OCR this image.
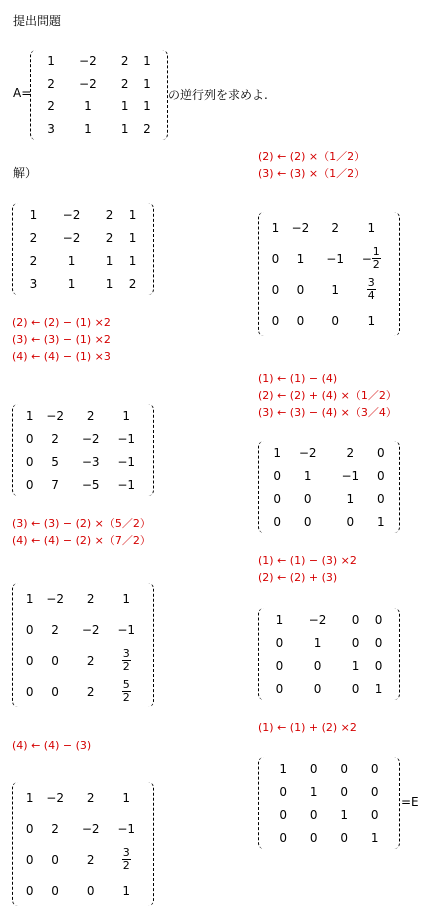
提出問題
A=
1	−2	2	1
2	−2	2	1
2	1	1	1
3	1	1	2
の逆行列を求めよ.
解）
1	−2	2	1
2	−2	2	1
2	1	1	1
3	1	1	2
(2) ← (2) − (1) ×2
(3) ← (3) − (1) ×2
(4) ← (4) − (1) ×3
1	−2	2	1
0	2	−2	−1
0	5	−3	−1
0	7	−5	−1
(3) ← (3) − (2) ×（5／2）
(4) ← (4) − (2) ×（7／2）
1	−2	2	1
0	2	−2	−1
0	0	2	$\frac{3}{2}$

0	0	2	$\frac{5}{2}$
(4) ← (4) − (3)
1	−2	2	1
0	2	−2	−1
0	0	2	$\frac{3}{2}$

0	0	0	1
(2) ← (2) ×（1／2）
(3) ← (3) ×（1／2）
1	−2	2	1
0	1	−1	− $\frac{1}{2}$

0	0	1	$\frac{3}{4}$

0	0	0	1
(1) ← (1) − (4)
(2) ← (2) + (4) ×（1／2）
(3) ← (3) − (4) ×（3／4）
1	−2	2	0
0	1	−1	0
0	0	1	0
0	0	0	1
(1) ← (1) − (3) ×2
(2) ← (2) + (3)
1	−2	0	0
0	1	0	0
0	0	1	0
0	0	0	1
(1) ← (1) + (2) ×2
1	0	0	0
0	1	0	0
0	0	1	0
0	0	0	1
=E
